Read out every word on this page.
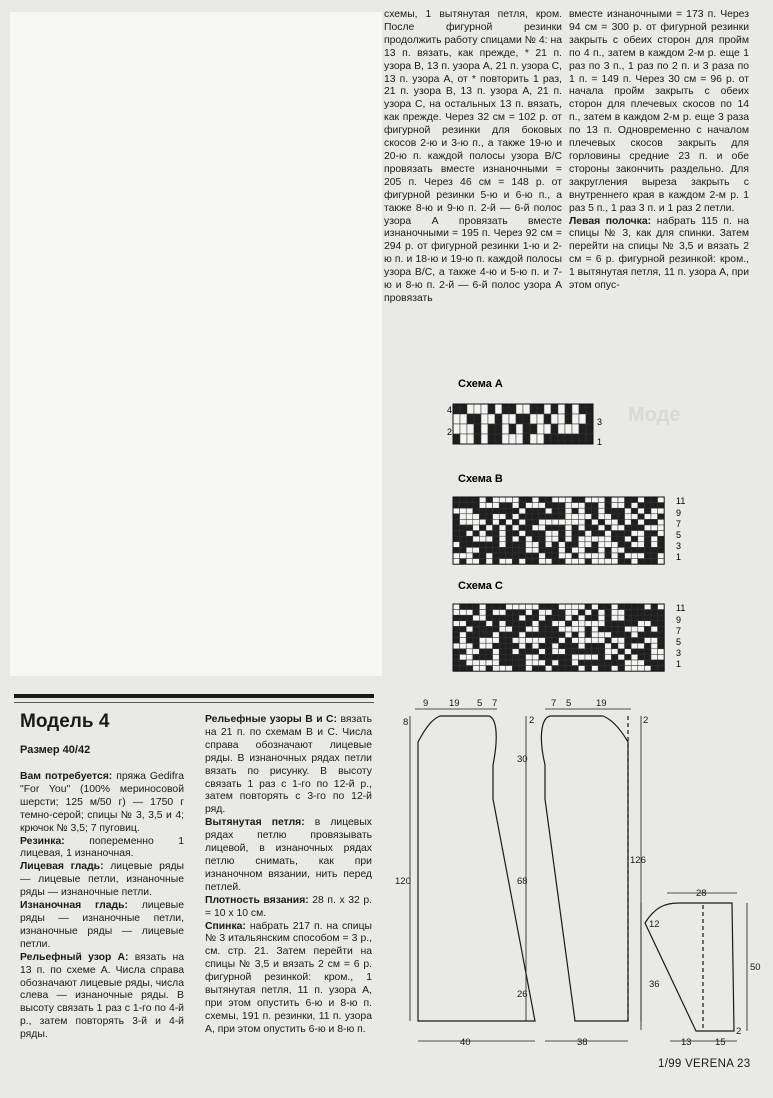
схемы, 1 вытянутая петля, кром. После фигурной резинки продолжить работу спицами № 4: на 13 п. вязать, как прежде, * 21 п. узора В, 13 п. узора А, 21 п. узора С, 13 п. узора А, от * повторить 1 раз, 21 п. узора В, 13 п. узора А, 21 п. узора С, на остальных 13 п. вязать, как прежде. Через 32 см = 102 р. от фигурной резинки для боковых скосов 2-ю и 3-ю п., а также 19-ю и 20-ю п. каждой полосы узора В/С провязать вместе изнаночными = 205 п. Через 46 см = 148 р. от фигурной резинки 5-ю и 6-ю п., а также 8-ю и 9-ю п. 2-й — 6-й полос узора А провязать вместе изнаночными = 195 п. Через 92 см = 294 р. от фигурной резинки 1-ю и 2-ю п. и 18-ю и 19-ю п. каждой полосы узора В/С, а также 4-ю и 5-ю п. и 7-ю и 8-ю п. 2-й — 6-й полос узора А провязать

вместе изнаночными = 173 п. Через 94 см = 300 р. от фигурной резинки закрыть с обеих сторон для пройм по 4 п., затем в каждом 2-м р. еще 1 раз по 3 п., 1 раз по 2 п. и 3 раза по 1 п. = 149 п. Через 30 см = 96 р. от начала пройм закрыть с обеих сторон для плечевых скосов по 14 п., затем в каждом 2-м р. еще 3 раза по 13 п. Одновременно с началом плечевых скосов закрыть для горловины средние 23 п. и обе стороны закончить раздельно. Для закругления выреза закрыть с внутреннего края в каждом 2-м р. 1 раз 5 п., 1 раз 3 п. и 1 раз 2 петли.

Левая полочка: набрать 115 п. на спицы № 3, как для спинки. Затем перейти на спицы № 3,5 и вязать 2 см = 6 р. фигурной резинкой: кром., 1 вытянутая петля, 11 п. узора А, при этом опус-

Моде
Схема А
4
2
3
1
Схема В
11
9
7
5
3
1
Схема С
11
9
7
5
3
1
Модель 4
Размер 40/42

Вам потребуется: пряжа Gedifra "For You" (100% мериносовой шерсти; 125 м/50 г) — 1750 г темно-серой; спицы № 3, 3,5 и 4; крючок № 3,5; 7 пуговиц.

Резинка: попеременно 1 лицевая, 1 изнаночная.

Лицевая гладь: лицевые ряды — лицевые петли, изнаночные ряды — изнаночные петли.

Изнаночная гладь: лицевые ряды — изнаночные петли, изнаночные ряды — лицевые петли.

Рельефный узор А: вязать на 13 п. по схеме А. Числа справа обозначают лицевые ряды, числа слева — изнаночные ряды. В высоту связать 1 раз с 1-го по 4-й р., затем повторять 3-й и 4-й ряды.

Рельефные узоры В и С: вязать на 21 п. по схемам В и С. Числа справа обозначают лицевые ряды. В изнаночных рядах петли вязать по рисунку. В высоту связать 1 раз с 1-го по 12-й р., затем повторять с 3-го по 12-й ряд.

Вытянутая петля: в лицевых рядах петлю провязывать лицевой, в изнаночных рядах петлю снимать, как при изнаночном вязании, нить перед петлей.

Плотность вязания: 28 п. х 32 р. = 10 х 10 см.

Спинка: набрать 217 п. на спицы № 3 итальянским способом = 3 р., см. стр. 21. Затем перейти на спицы № 3,5 и вязать 2 см = 6 р. фигурной резинкой: кром., 1 вытянутая петля, 11 п. узора А, при этом опустить 6-ю и 8-ю п. схемы, 191 п. резинки, 11 п. узора А, при этом опустить 6-ю и 8-ю п.

9 19 5 7	7 5	19
8	2	2
30
68
26
120
126
40	38
28
12
36
50
2
13 15
1/99 VERENA 23
